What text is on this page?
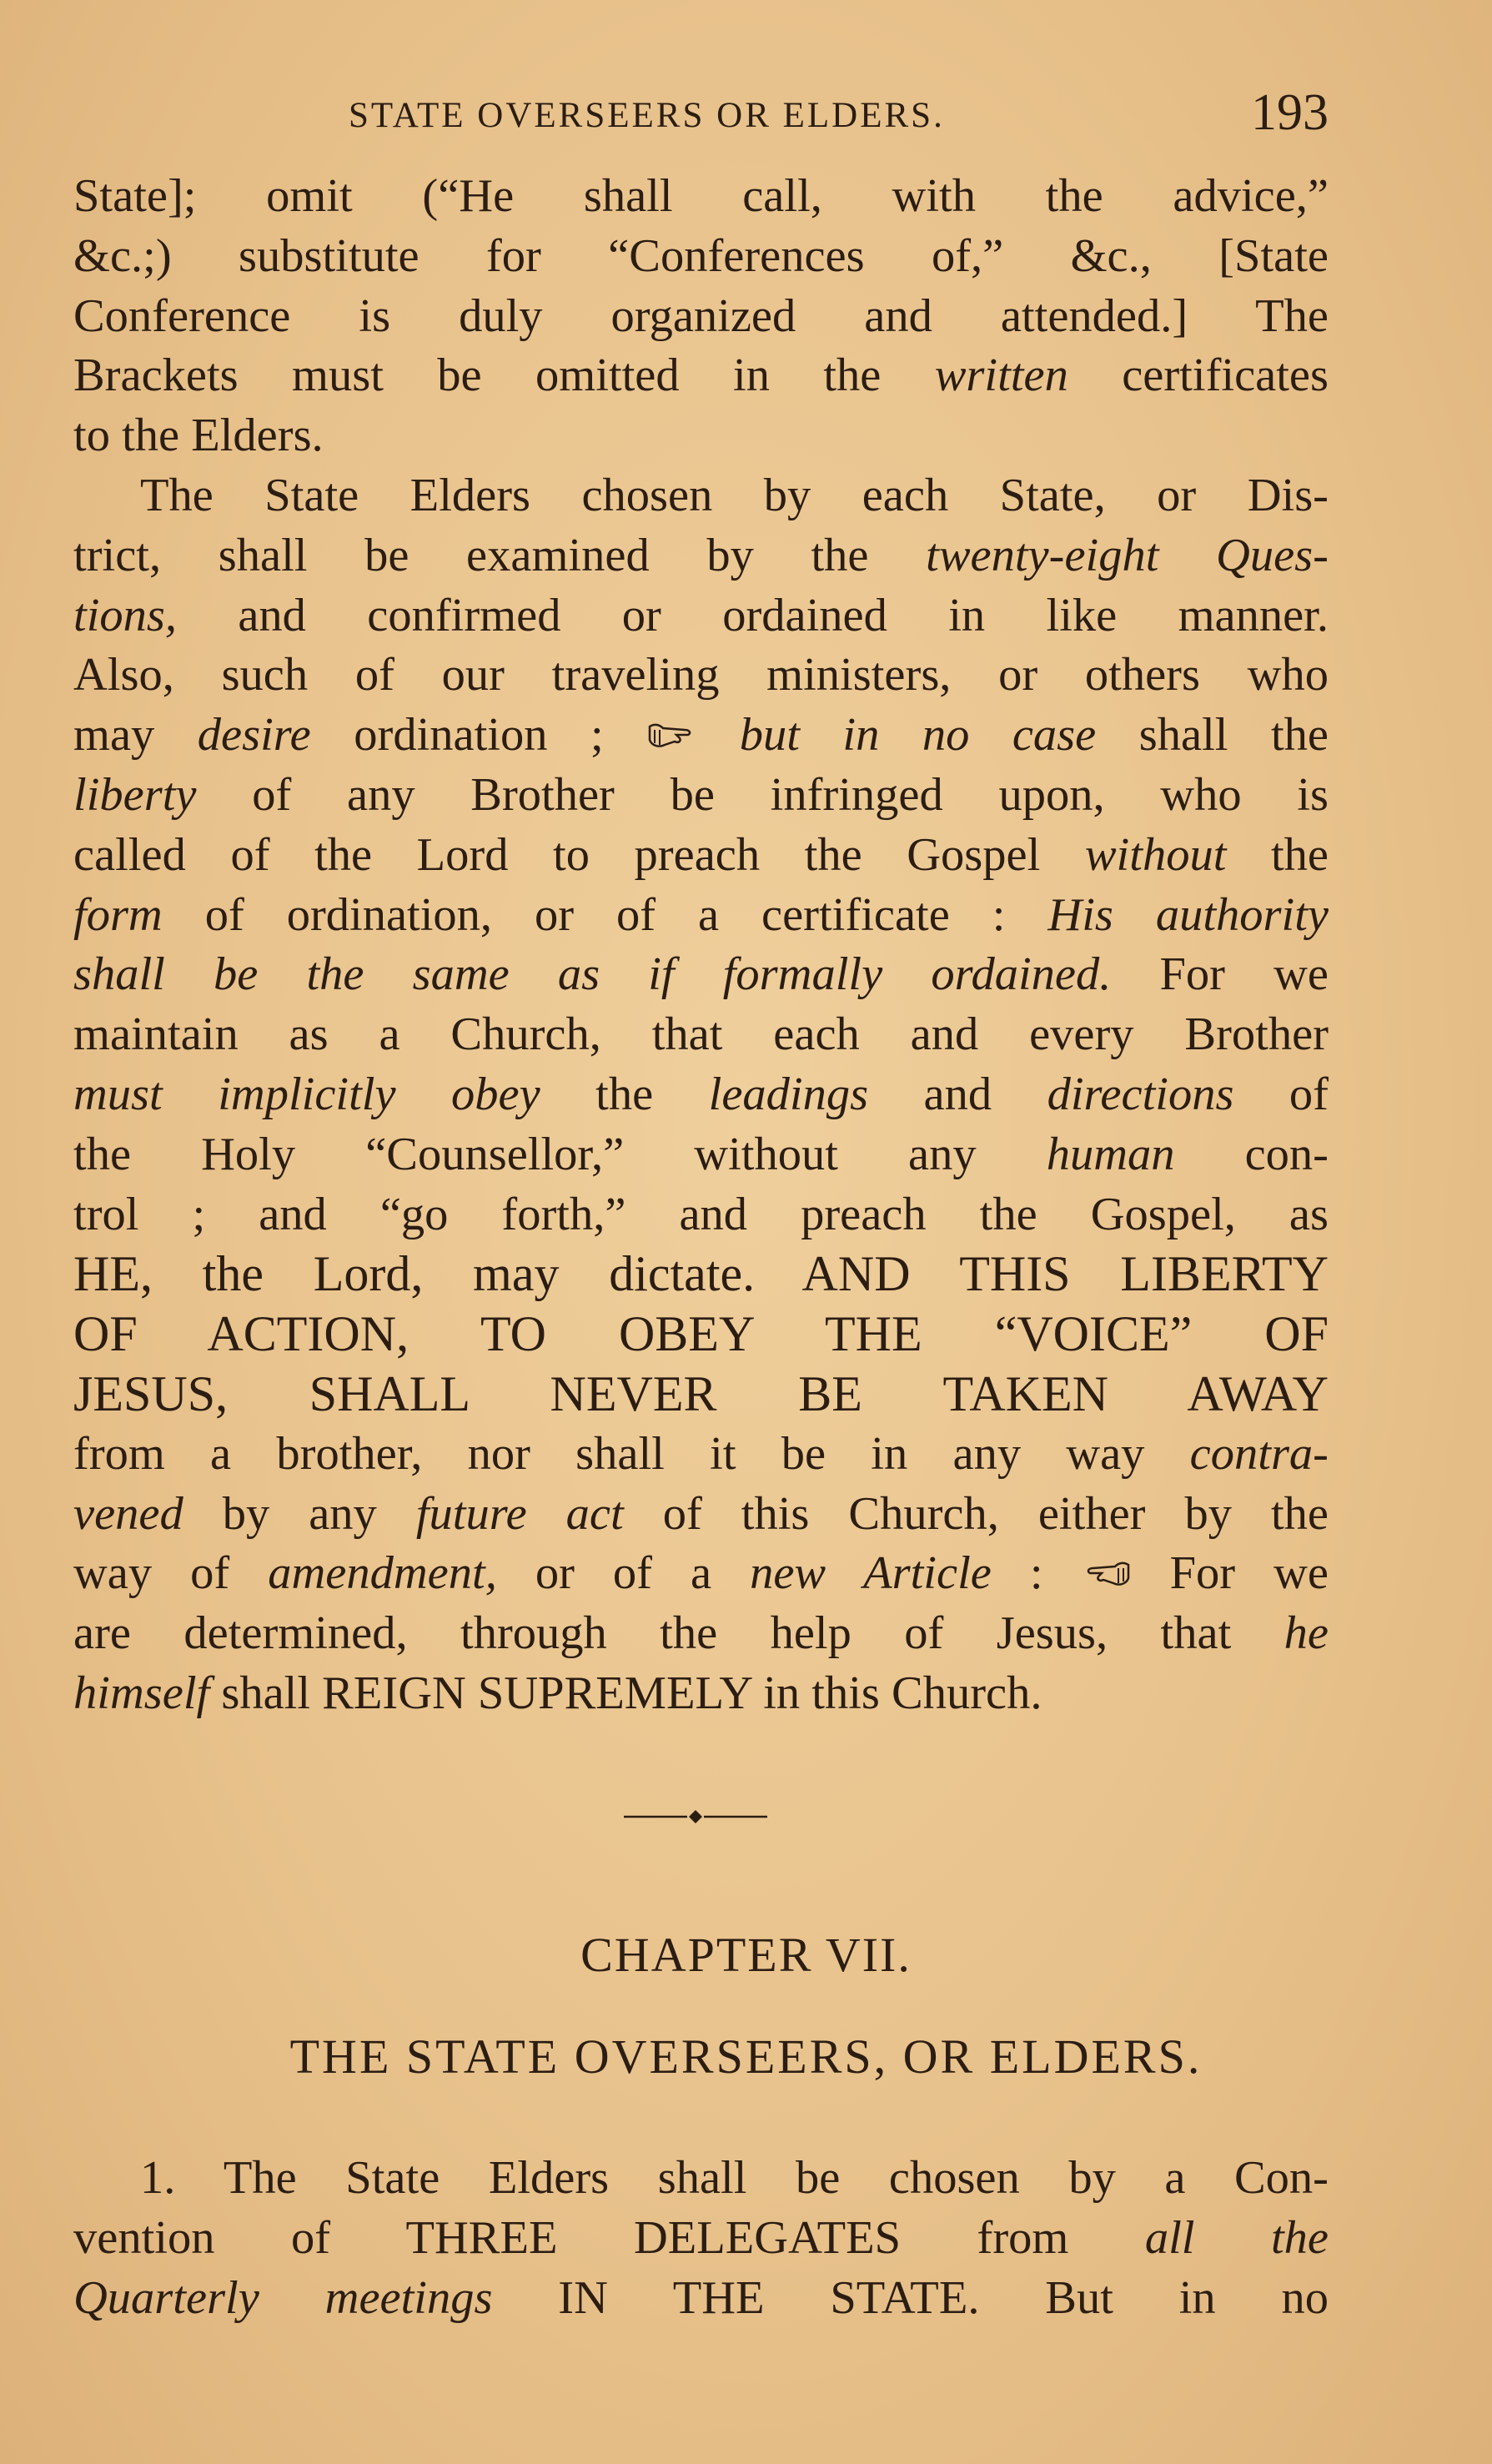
STATE OVERSEERS OR ELDERS.	193
State]; omit (“He shall call, with the advice,”
&c.;) substitute for “Conferences of,” &c., [State
Conference is duly organized and attended.] The
Brackets must be omitted in the written certificates
to the Elders.
The State Elders chosen by each State, or Dis-
trict, shall be examined by the twenty-eight Ques-
tions, and confirmed or ordained in like manner.
Also, such of our traveling ministers, or others who
may desire ordination ;  but in no case shall the
liberty of any Brother be infringed upon, who is
called of the Lord to preach the Gospel without the
form of ordination, or of a certificate : His authority
shall be the same as if formally ordained. For we
maintain as a Church, that each and every Brother
must implicitly obey the leadings and directions of
the Holy “Counsellor,” without any human con-
trol ; and “go forth,” and preach the Gospel, as
HE, the Lord, may dictate. AND THIS LIBERTY
OF ACTION, TO OBEY THE “VOICE” OF
JESUS, SHALL NEVER BE TAKEN AWAY
from a brother, nor shall it be in any way contra-
vened by any future act of this Church, either by the
way of amendment, or of a new Article :  For we
are determined, through the help of Jesus, that he
himself shall REIGN SUPREMELY in this Church.
CHAPTER VII.
THE STATE OVERSEERS, OR ELDERS.
1. The State Elders shall be chosen by a Con-
vention of THREE DELEGATES from all the
Quarterly meetings IN THE STATE. But in no
